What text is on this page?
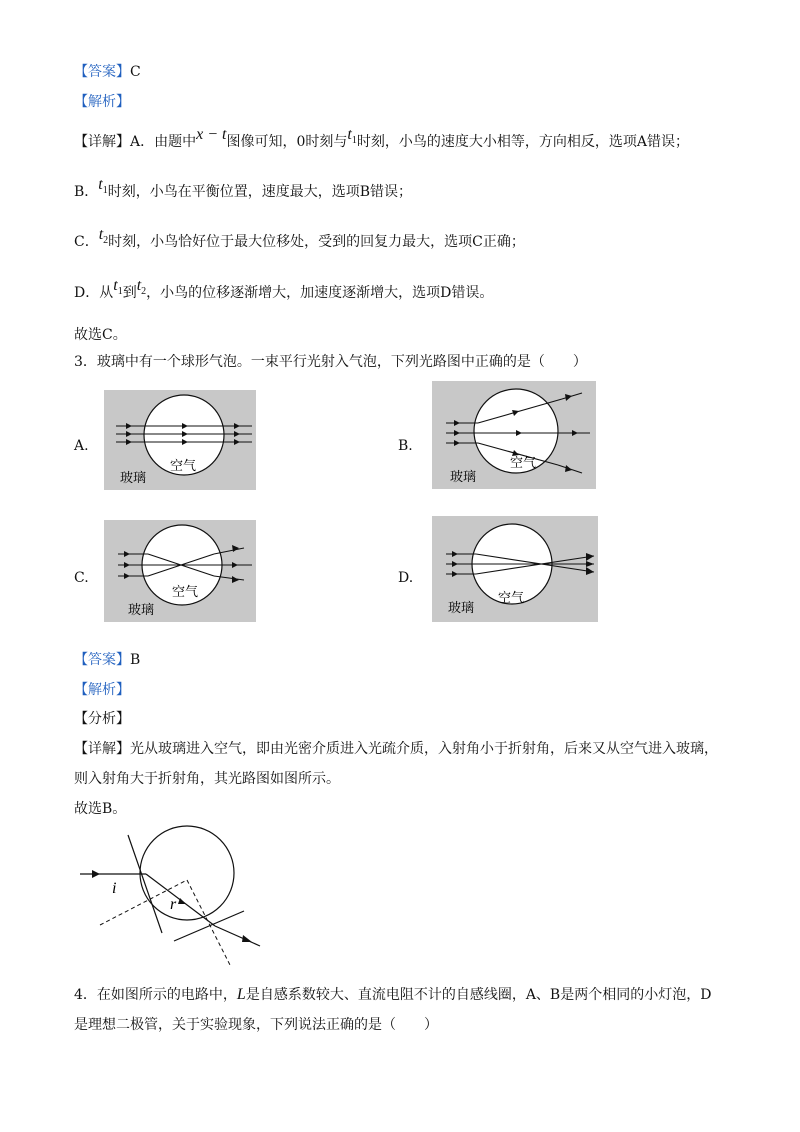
【答案】C
【解析】
【详解】A．由题中x − t图像可知，0时刻与$t_1$时刻，小鸟的速度大小相等，方向相反，选项A错误；
B．$t_1$时刻，小鸟在平衡位置，速度最大，选项B错误；
C．$t_2$时刻，小鸟恰好位于最大位移处，受到的回复力最大，选项C正确；
D．从$t_1$到$t_2$，小鸟的位移逐渐增大，加速度逐渐增大，选项D错误。
故选C。
3．玻璃中有一个球形气泡。一束平行光射入气泡，下列光路图中正确的是（　　）
A.
玻璃
空气
B.
玻璃
空气
C.
玻璃
空气
D.
玻璃
空气
【答案】B
【解析】
【分析】
【详解】光从玻璃进入空气，即由光密介质进入光疏介质，入射角小于折射角，后来又从空气进入玻璃，
则入射角大于折射角，其光路图如图所示。
故选B。
i
r
4．在如图所示的电路中，L是自感系数较大、直流电阻不计的自感线圈，A、B是两个相同的小灯泡，D
是理想二极管，关于实验现象，下列说法正确的是（　　）
